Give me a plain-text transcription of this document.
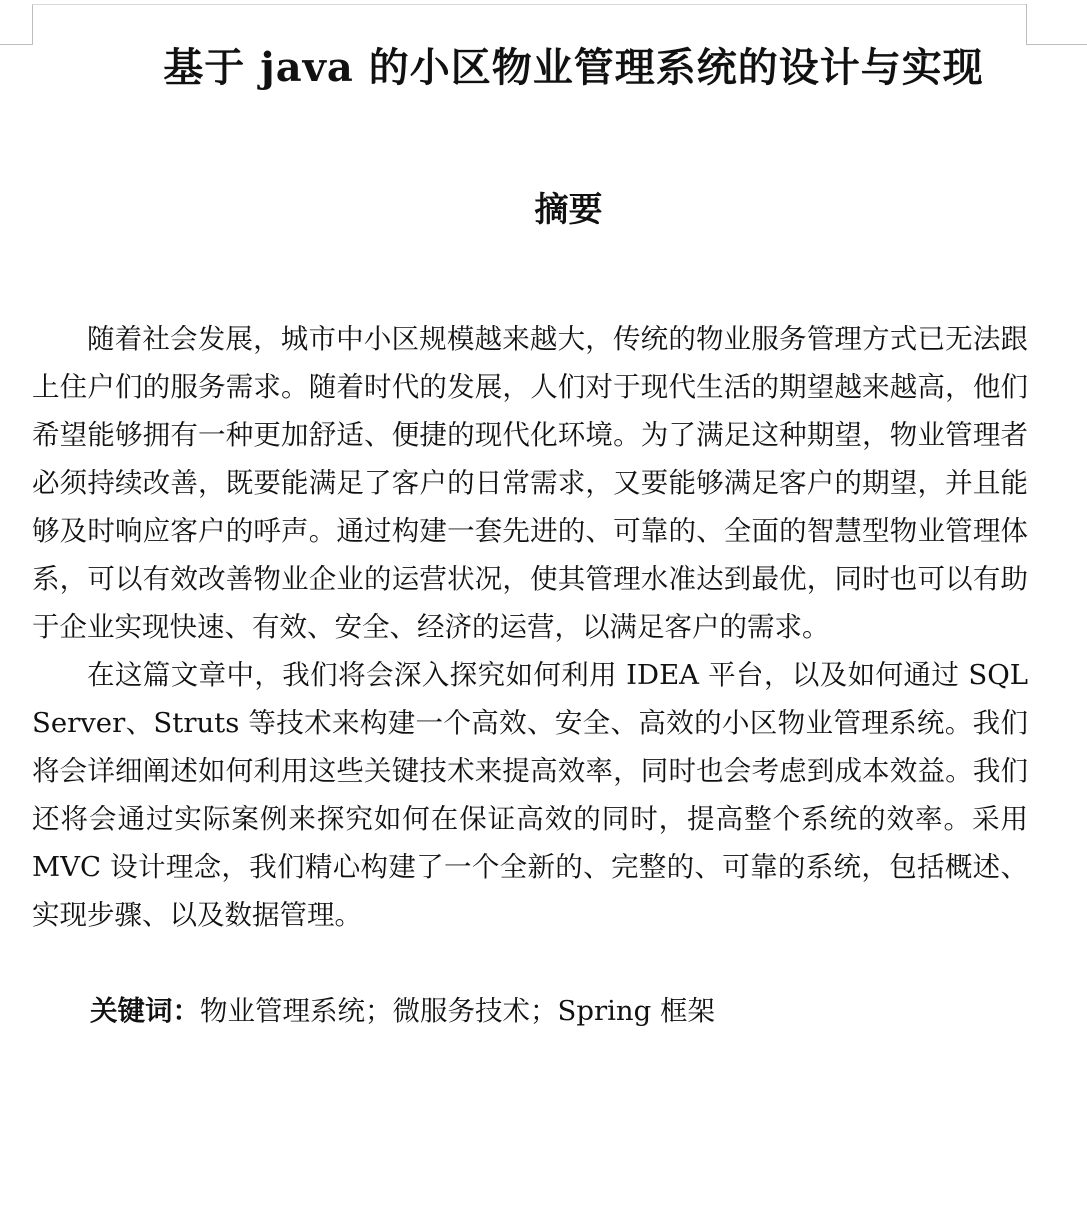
基于 java 的小区物业管理系统的设计与实现
摘要

随着社会发展，城市中小区规模越来越大，传统的物业服务管理方式已无法跟上住户们的服务需求。随着时代的发展，人们对于现代生活的期望越来越高，他们希望能够拥有一种更加舒适、便捷的现代化环境。为了满足这种期望，物业管理者必须持续改善，既要能满足了客户的日常需求，又要能够满足客户的期望，并且能够及时响应客户的呼声。通过构建一套先进的、可靠的、全面的智慧型物业管理体系，可以有效改善物业企业的运营状况，使其管理水准达到最优，同时也可以有助于企业实现快速、有效、安全、经济的运营，以满足客户的需求。

在这篇文章中，我们将会深入探究如何利用 IDEA 平台，以及如何通过 SQL Server、Struts 等技术来构建一个高效、安全、高效的小区物业管理系统。我们将会详细阐述如何利用这些关键技术来提高效率，同时也会考虑到成本效益。我们还将会通过实际案例来探究如何在保证高效的同时，提高整个系统的效率。采用 MVC 设计理念，我们精心构建了一个全新的、完整的、可靠的系统，包括概述、实现步骤、以及数据管理。

关键词：物业管理系统；微服务技术；Spring 框架
